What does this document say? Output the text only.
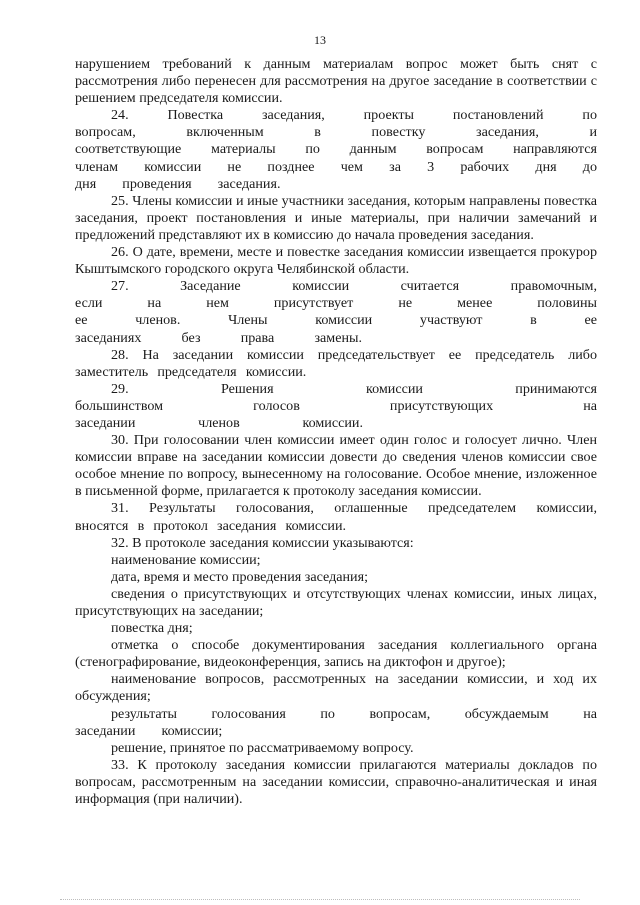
13

нарушением требований к данным материалам вопрос может быть снят с рассмотрения либо перенесен для рассмотрения на другое заседание в соответствии с решением председателя комиссии.

24. Повестка заседания, проекты постановлений по вопросам, включенным в повестку заседания, и соответствующие материалы по данным вопросам направляются членам комиссии не позднее чем за 3 рабочих дня до дня проведения заседания.

25. Члены комиссии и иные участники заседания, которым направлены повестка заседания, проект постановления и иные материалы, при наличии замечаний и предложений представляют их в комиссию до начала проведения заседания.

26. О дате, времени, месте и повестке заседания комиссии извещается прокурор Кыштымского городского округа Челябинской области.

27. Заседание комиссии считается правомочным, если на нем присутствует не менее половины ее членов. Члены комиссии участвуют в ее заседаниях без права замены.

28. На заседании комиссии председательствует ее председатель либо заместитель председателя комиссии.

29. Решения комиссии принимаются большинством голосов присутствующих на заседании членов комиссии.

30. При голосовании член комиссии имеет один голос и голосует лично. Член комиссии вправе на заседании комиссии довести до сведения членов комиссии свое особое мнение по вопросу, вынесенному на голосование. Особое мнение, изложенное в письменной форме, прилагается к протоколу заседания комиссии.

31. Результаты голосования, оглашенные председателем комиссии, вносятся в протокол заседания комиссии.

32. В протоколе заседания комиссии указываются:

наименование комиссии;

дата, время и место проведения заседания;

сведения о присутствующих и отсутствующих членах комиссии, иных лицах, присутствующих на заседании;

повестка дня;

отметка о способе документирования заседания коллегиального органа (стенографирование, видеоконференция, запись на диктофон и другое);

наименование вопросов, рассмотренных на заседании комиссии, и ход их обсуждения;

результаты голосования по вопросам, обсуждаемым на заседании комиссии;

решение, принятое по рассматриваемому вопросу.

33. К протоколу заседания комиссии прилагаются материалы докладов по вопросам, рассмотренным на заседании комиссии, справочно-аналитическая и иная информация (при наличии).
